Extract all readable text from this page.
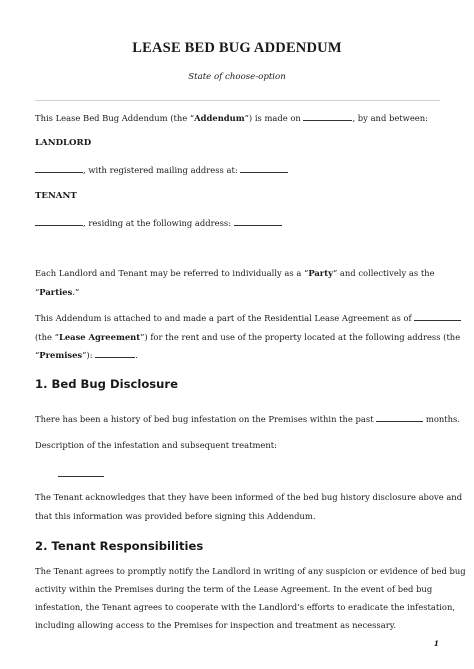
LEASE BED BUG ADDENDUM
State of choose-option
This Lease Bed Bug Addendum (the “Addendum”) is made on	, by and between:
LANDLORD
, with registered mailing address at:
TENANT
, residing at the following address:
Each Landlord and Tenant may be referred to individually as a “Party” and collectively as the
“Parties.”
This Addendum is attached to and made a part of the Residential Lease Agreement as of
(the “Lease Agreement”) for the rent and use of the property located at the following address (the
“Premises”):	.
1. Bed Bug Disclosure
There has been a history of bed bug infestation on the Premises within the past	months.
Description of the infestation and subsequent treatment:
The Tenant acknowledges that they have been informed of the bed bug history disclosure above and
that this information was provided before signing this Addendum.
2. Tenant Responsibilities
The Tenant agrees to promptly notify the Landlord in writing of any suspicion or evidence of bed bug
activity within the Premises during the term of the Lease Agreement. In the event of bed bug
infestation, the Tenant agrees to cooperate with the Landlord’s efforts to eradicate the infestation,
including allowing access to the Premises for inspection and treatment as necessary.
1
